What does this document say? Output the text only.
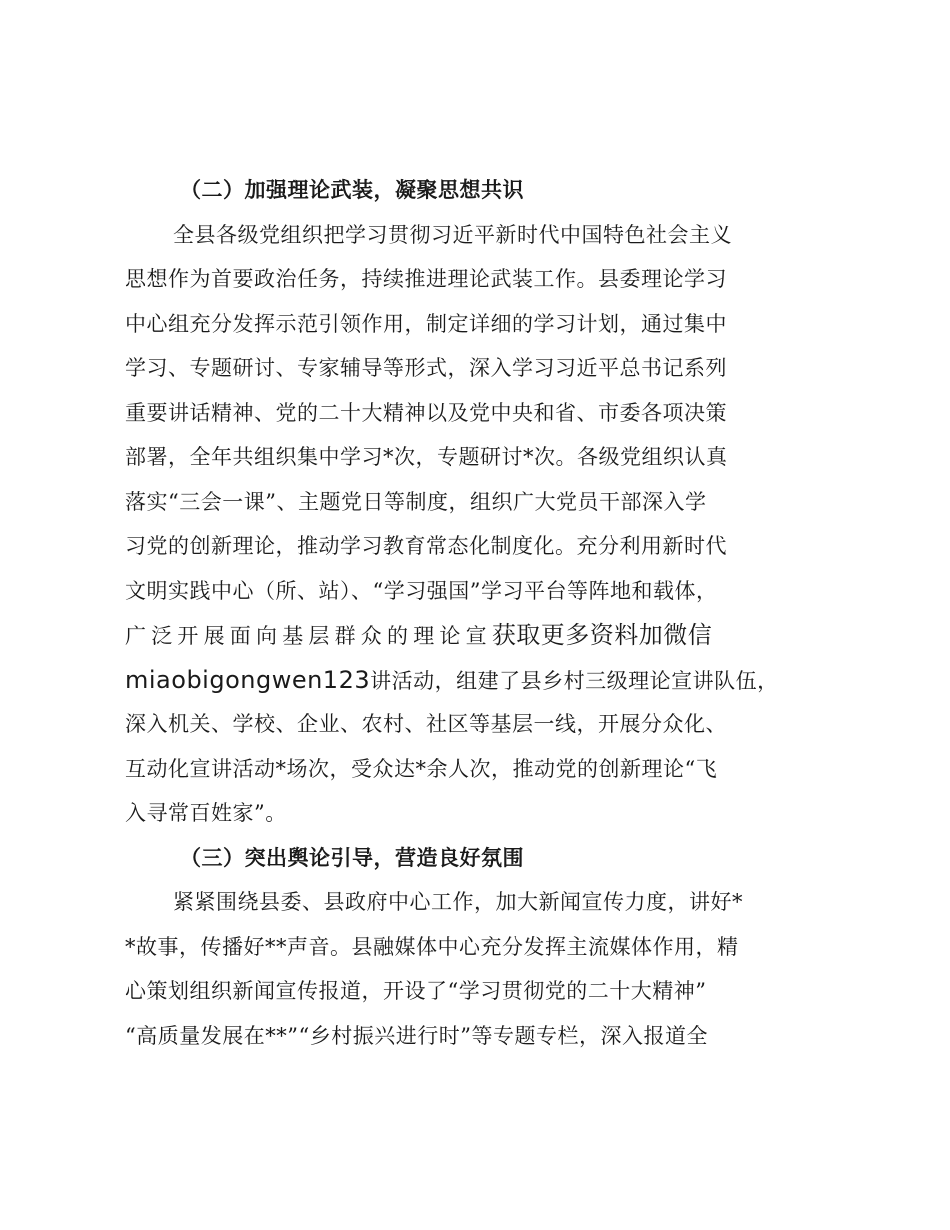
（二）加强理论武装，凝聚思想共识
全县各级党组织把学习贯彻习近平新时代中国特色社会主义
思想作为首要政治任务，持续推进理论武装工作。县委理论学习
中心组充分发挥示范引领作用，制定详细的学习计划，通过集中
学习、专题研讨、专家辅导等形式，深入学习习近平总书记系列
重要讲话精神、党的二十大精神以及党中央和省、市委各项决策
部署，全年共组织集中学习*次，专题研讨*次。各级党组织认真
落实“三会一课”、主题党日等制度，组织广大党员干部深入学
习党的创新理论，推动学习教育常态化制度化。充分利用新时代
文明实践中心（所、站）、“学习强国”学习平台等阵地和载体，
广泛开展面向基层群众的理论宣获取更多资料加微信
miaobigongwen123讲活动，组建了县乡村三级理论宣讲队伍，
深入机关、学校、企业、农村、社区等基层一线，开展分众化、
互动化宣讲活动*场次，受众达*余人次，推动党的创新理论“飞
入寻常百姓家”。
（三）突出舆论引导，营造良好氛围
紧紧围绕县委、县政府中心工作，加大新闻宣传力度，讲好*
*故事，传播好**声音。县融媒体中心充分发挥主流媒体作用，精
心策划组织新闻宣传报道，开设了“学习贯彻党的二十大精神”
“高质量发展在**”“乡村振兴进行时”等专题专栏，深入报道全
